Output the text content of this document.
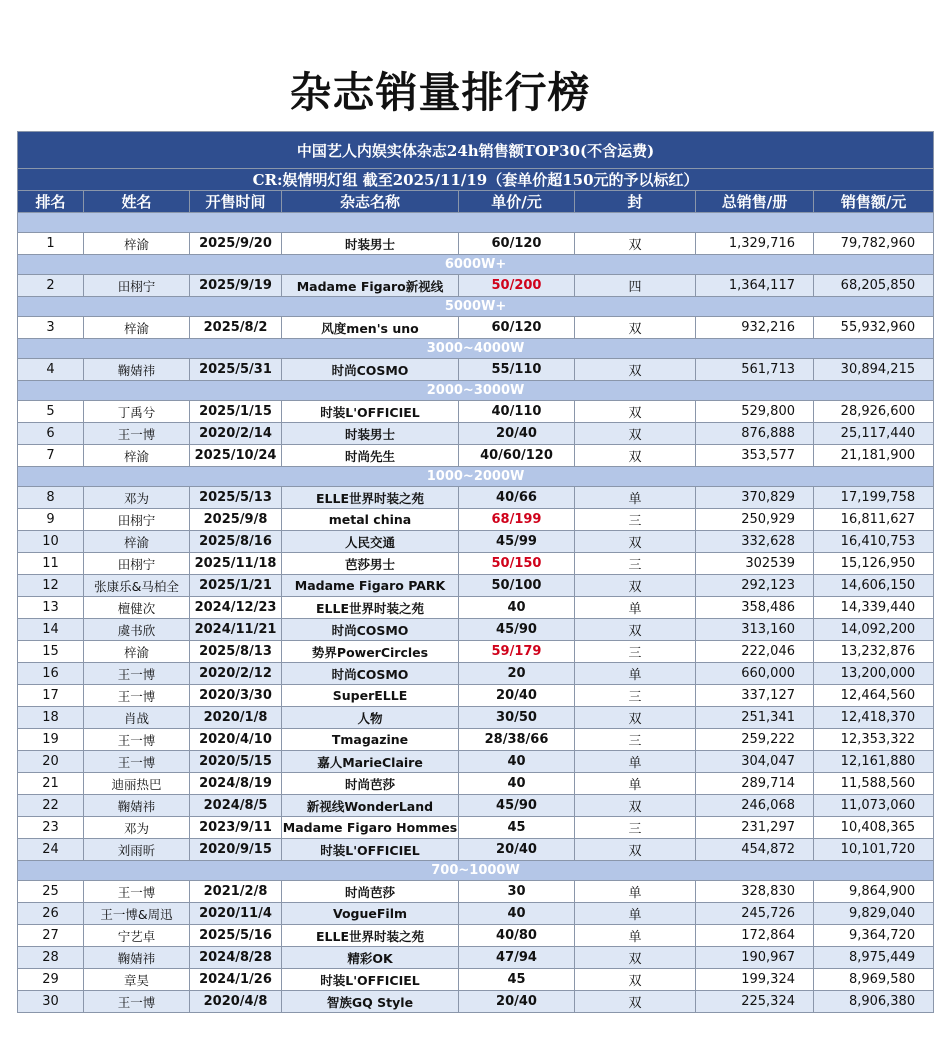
杂志销量排行榜
中国艺人内娱实体杂志24h销售额TOP30(不含运费)							
CR:娱情明灯组 截至2025/11/19（套单价超150元的予以标红）							
排名	姓名	开售时间	杂志名称	单价/元	封	总销售/册	销售额/元

1	梓渝	2025/9/20	时装男士	60/120	双	1,329,716	79,782,960
6000W+							
2	田栩宁	2025/9/19	Madame Figaro新视线	50/200	四	1,364,117	68,205,850
5000W+							
3	梓渝	2025/8/2	风度men's uno	60/120	双	932,216	55,932,960
3000~4000W							
4	鞠婧祎	2025/5/31	时尚COSMO	55/110	双	561,713	30,894,215
2000~3000W							
5	丁禹兮	2025/1/15	时装L'OFFICIEL	40/110	双	529,800	28,926,600
6	王一博	2020/2/14	时装男士	20/40	双	876,888	25,117,440
7	梓渝	2025/10/24	时尚先生	40/60/120	双	353,577	21,181,900
1000~2000W							
8	邓为	2025/5/13	ELLE世界时装之苑	40/66	单	370,829	17,199,758
9	田栩宁	2025/9/8	metal china	68/199	三	250,929	16,811,627
10	梓渝	2025/8/16	人民交通	45/99	双	332,628	16,410,753
11	田栩宁	2025/11/18	芭莎男士	50/150	三	302539	15,126,950
12	张康乐&马柏全	2025/1/21	Madame Figaro PARK	50/100	双	292,123	14,606,150
13	檀健次	2024/12/23	ELLE世界时装之苑	40	单	358,486	14,339,440
14	虞书欣	2024/11/21	时尚COSMO	45/90	双	313,160	14,092,200
15	梓渝	2025/8/13	势界PowerCircles	59/179	三	222,046	13,232,876
16	王一博	2020/2/12	时尚COSMO	20	单	660,000	13,200,000
17	王一博	2020/3/30	SuperELLE	20/40	三	337,127	12,464,560
18	肖战	2020/1/8	人物	30/50	双	251,341	12,418,370
19	王一博	2020/4/10	Tmagazine	28/38/66	三	259,222	12,353,322
20	王一博	2020/5/15	嘉人MarieClaire	40	单	304,047	12,161,880
21	迪丽热巴	2024/8/19	时尚芭莎	40	单	289,714	11,588,560
22	鞠婧祎	2024/8/5	新视线WonderLand	45/90	双	246,068	11,073,060
23	邓为	2023/9/11	Madame Figaro Hommes	45	三	231,297	10,408,365
24	刘雨昕	2020/9/15	时装L'OFFICIEL	20/40	双	454,872	10,101,720
700~1000W							
25	王一博	2021/2/8	时尚芭莎	30	单	328,830	9,864,900
26	王一博&周迅	2020/11/4	VogueFilm	40	单	245,726	9,829,040
27	宁艺卓	2025/5/16	ELLE世界时装之苑	40/80	单	172,864	9,364,720
28	鞠婧祎	2024/8/28	精彩OK	47/94	双	190,967	8,975,449
29	章昊	2024/1/26	时装L'OFFICIEL	45	双	199,324	8,969,580
30	王一博	2020/4/8	智族GQ Style	20/40	双	225,324	8,906,380
